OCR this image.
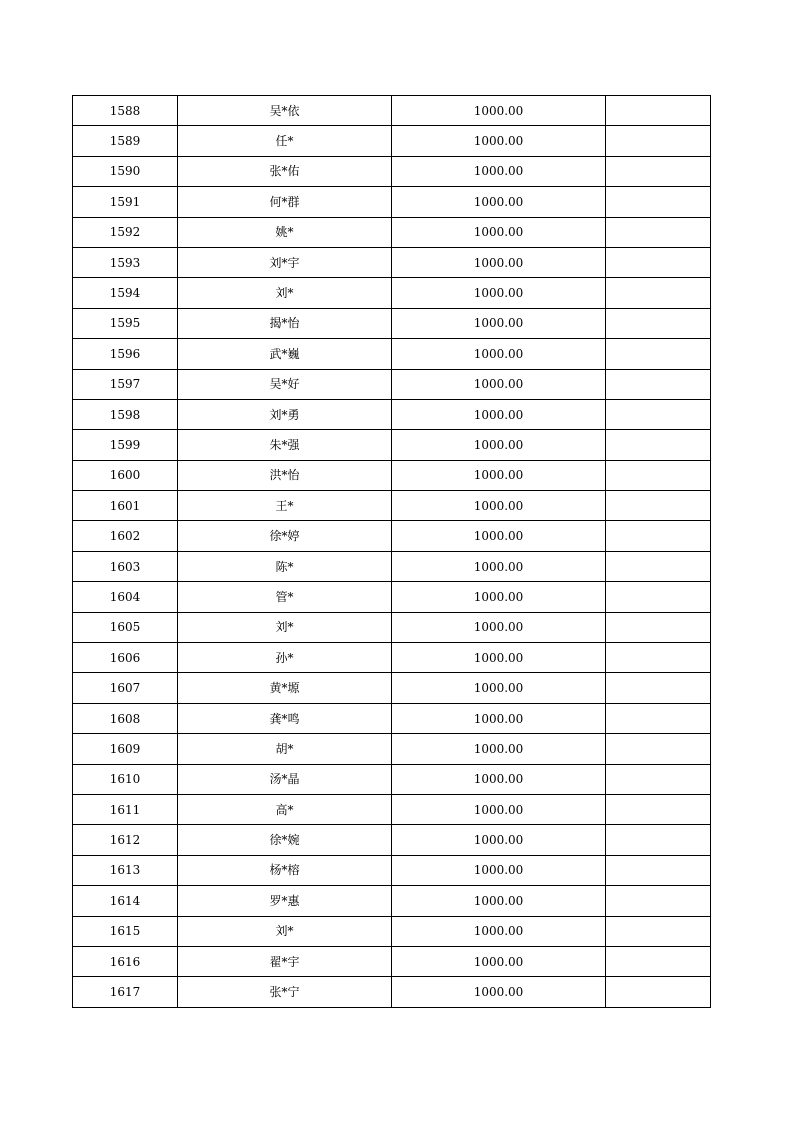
1588	吴*依	1000.00	
1589	任*	1000.00	
1590	张*佑	1000.00	
1591	何*群	1000.00	
1592	姚*	1000.00	
1593	刘*宇	1000.00	
1594	刘*	1000.00	
1595	揭*怡	1000.00	
1596	武*巍	1000.00	
1597	吴*好	1000.00	
1598	刘*勇	1000.00	
1599	朱*强	1000.00	
1600	洪*怡	1000.00	
1601	王*	1000.00	
1602	徐*婷	1000.00	
1603	陈*	1000.00	
1604	管*	1000.00	
1605	刘*	1000.00	
1606	孙*	1000.00	
1607	黄*塬	1000.00	
1608	龚*鸣	1000.00	
1609	胡*	1000.00	
1610	汤*晶	1000.00	
1611	高*	1000.00	
1612	徐*婉	1000.00	
1613	杨*榕	1000.00	
1614	罗*惠	1000.00	
1615	刘*	1000.00	
1616	翟*宇	1000.00	
1617	张*宁	1000.00	
